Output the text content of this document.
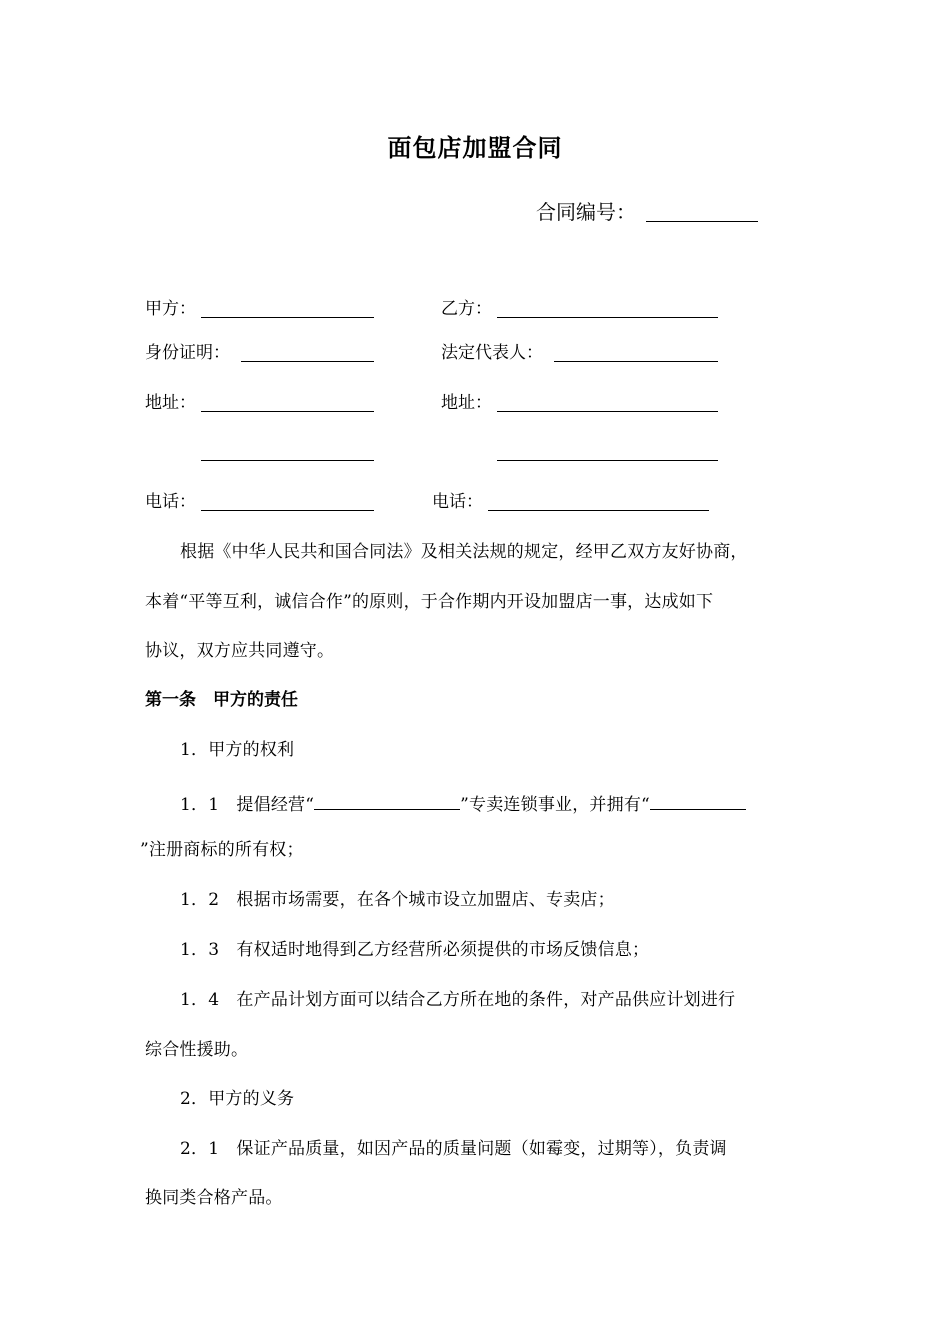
面包店加盟合同
合同编号：
甲方：	乙方：
身份证明：	法定代表人：
地址：	地址：
电话：	电话：
根据《中华人民共和国合同法》及相关法规的规定，经甲乙双方友好协商，
本着“平等互利，诚信合作”的原则，于合作期内开设加盟店一事，达成如下
协议，双方应共同遵守。
第一条　甲方的责任
1．甲方的权利
1．1　提倡经营“	”专卖连锁事业，并拥有“
”注册商标的所有权；
1．2　根据市场需要，在各个城市设立加盟店、专卖店；
1．3　有权适时地得到乙方经营所必须提供的市场反馈信息；
1．4　在产品计划方面可以结合乙方所在地的条件，对产品供应计划进行
综合性援助。
2．甲方的义务
2．1　保证产品质量，如因产品的质量问题（如霉变，过期等），负责调
换同类合格产品。
